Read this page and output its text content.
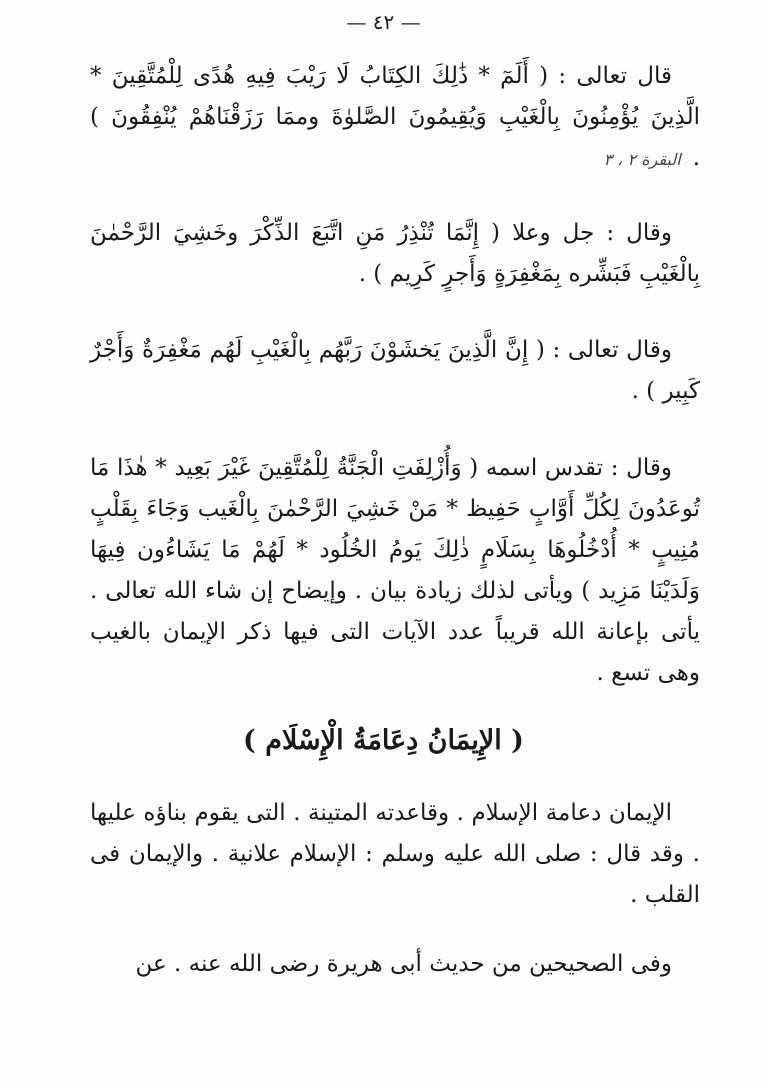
— ٤٢ —
قال تعالى : ( أَلَمٓ * ذَٰلِكَ الكِتَابُ لَا رَيْبَ فِيهِ هُدًى لِلْمُتَّقِينَ * الَّذِينَ يُؤْمِنُونَ بِالْغَيْبِ وَيُقِيمُونَ الصَّلوٰةَ وممَا رَزَقْنَاهُمْ يُنْفِقُونَ ) .البقرة ٢ ، ٣
وقال : جل وعلا ( إِنَّمَا تُنْذِرُ مَنِ اتَّبَعَ الذِّكْرَ وخَشِيَ الرَّحْمٰنَ بِالْغَيْبِ فَبَشِّره بِمَغْفِرَةٍ وَأَجرٍ كَرِيم ) .
وقال تعالى : ( إِنَّ الَّذِينَ يَخشَوْنَ رَبَّهُم بِالْغَيْبِ لَهُم مَغْفِرَةٌ وَأَجْرٌ كَبِير ) .
وقال : تقدس اسمه ( وَأُزْلِفَتِ الْجَنَّةُ لِلْمُتَّقِينَ غَيْرَ بَعِيد * هٰذَا مَا تُوعَدُونَ لِكُلِّ أَوَّابٍ حَفِيظ * مَنْ خَشِيَ الرَّحْمٰنَ بِالْغَيب وَجَاءَ بِقَلْبٍ مُنِيبٍ * أُدْخُلُوهَا بِسَلَامٍ ذٰلِكَ يَومُ الخُلُود * لَهُمْ مَا يَشَاءُون فِيهَا وَلَدَيْنَا مَزِيد ) ويأتى لذلك زيادة بيان . وإيضاح إن شاء الله تعالى . يأتى بإعانة الله قريباً عدد الآيات التى فيها ذكر الإيمان بالغيب وهى تسع .
( الإِيمَانُ دِعَامَةُ الْإِسْلَام )
الإيمان دعامة الإسلام . وقاعدته المتينة . التى يقوم بناؤه عليها . وقد قال : صلى الله عليه وسلم : الإسلام علانية . والإيمان فى القلب .
وفى الصحيحين من حديث أبى هريرة رضى الله عنه . عن
